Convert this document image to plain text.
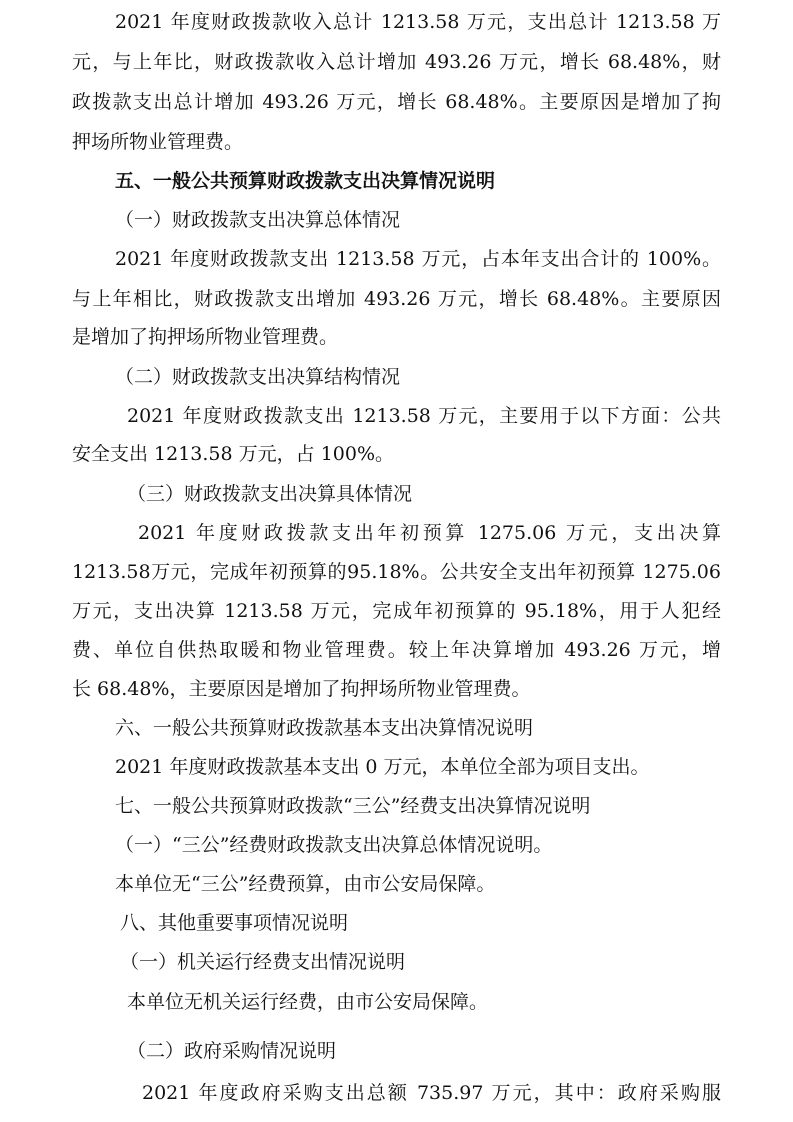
2021 年度财政拨款收入总计 1213.58 万元，支出总计 1213.58 万
元，与上年比，财政拨款收入总计增加 493.26 万元，增长 68.48%，财
政拨款支出总计增加 493.26 万元，增长 68.48%。主要原因是增加了拘
押场所物业管理费。
五、一般公共预算财政拨款支出决算情况说明
（一）财政拨款支出决算总体情况
2021 年度财政拨款支出 1213.58 万元，占本年支出合计的 100%。
与上年相比，财政拨款支出增加 493.26 万元，增长 68.48%。主要原因
是增加了拘押场所物业管理费。
（二）财政拨款支出决算结构情况
2021 年度财政拨款支出 1213.58 万元，主要用于以下方面：公共
安全支出 1213.58 万元，占 100%。
（三）财政拨款支出决算具体情况
2021 年度财政拨款支出年初预算 1275.06 万元，支出决算
1213.58万元，完成年初预算的95.18%。公共安全支出年初预算 1275.06
万元，支出决算 1213.58 万元，完成年初预算的 95.18%，用于人犯经
费、单位自供热取暖和物业管理费。较上年决算增加 493.26 万元，增
长 68.48%，主要原因是增加了拘押场所物业管理费。
六、一般公共预算财政拨款基本支出决算情况说明
2021 年度财政拨款基本支出 0 万元，本单位全部为项目支出。
七、一般公共预算财政拨款“三公”经费支出决算情况说明
（一）“三公”经费财政拨款支出决算总体情况说明。
本单位无“三公”经费预算，由市公安局保障。
八、其他重要事项情况说明
（一）机关运行经费支出情况说明
本单位无机关运行经费，由市公安局保障。
（二）政府采购情况说明
2021 年度政府采购支出总额 735.97 万元，其中：政府采购服
